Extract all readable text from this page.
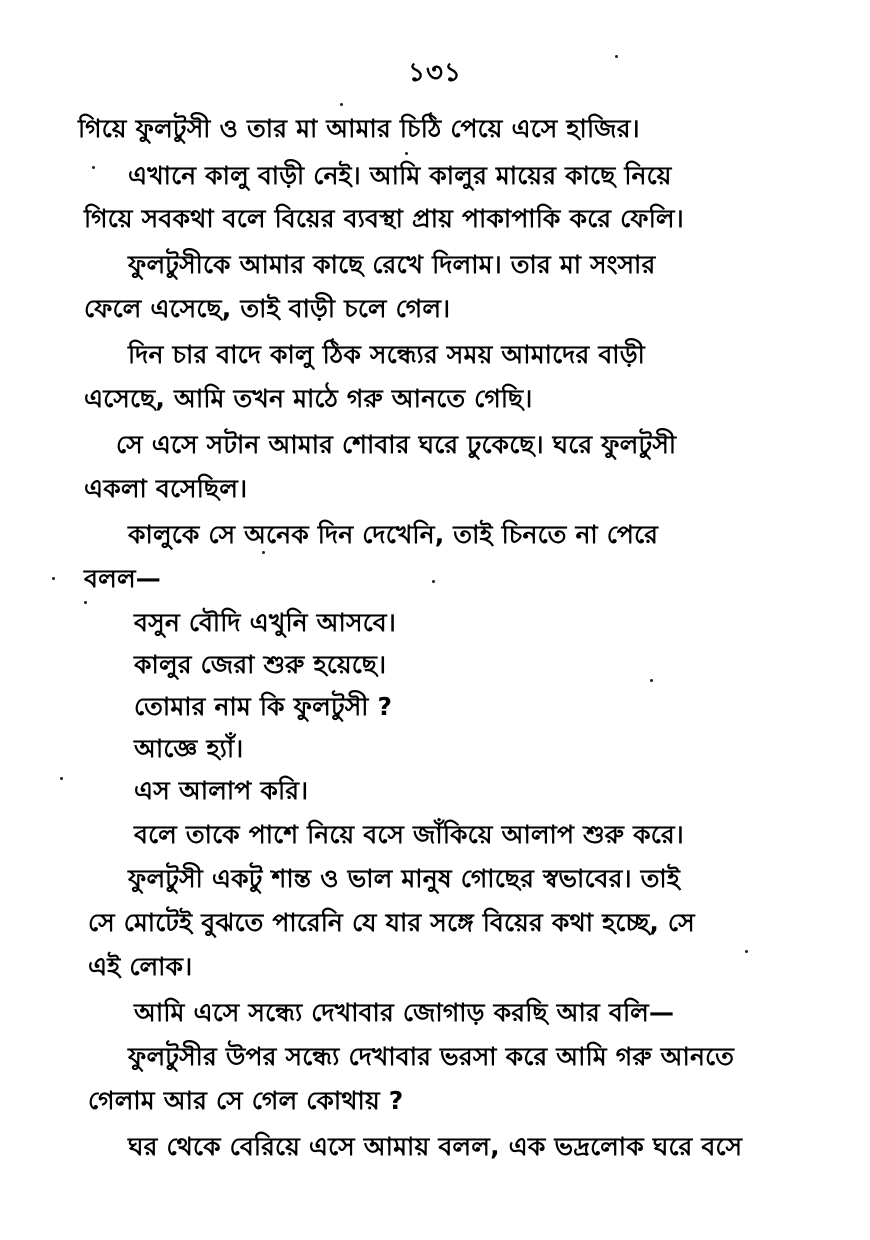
১৩১
গিয়ে ফুলটুসী ও তার মা আমার চিঠি পেয়ে এসে হাজির।
এখানে কালু বাড়ী নেই। আমি কালুর মায়ের কাছে নিয়ে
গিয়ে সবকথা বলে বিয়ের ব্যবস্থা প্রায় পাকাপাকি করে ফেলি।
ফুলটুসীকে আমার কাছে রেখে দিলাম। তার মা সংসার
ফেলে এসেছে, তাই বাড়ী চলে গেল।
দিন চার বাদে কালু ঠিক সন্ধ্যের সময় আমাদের বাড়ী
এসেছে, আমি তখন মাঠে গরু আনতে গেছি।
সে এসে সটান আমার শোবার ঘরে ঢুকেছে। ঘরে ফুলটুসী
একলা বসেছিল।
কালুকে সে অনেক দিন দেখেনি, তাই চিনতে না পেরে
বলল—
বসুন বৌদি এখুনি আসবে।
কালুর জেরা শুরু হয়েছে।
তোমার নাম কি ফুলটুসী ?
আজ্ঞে হ্যাঁ।
এস আলাপ করি।
বলে তাকে পাশে নিয়ে বসে জাঁকিয়ে আলাপ শুরু করে।
ফুলটুসী একটু শান্ত ও ভাল মানুষ গোছের স্বভাবের। তাই
সে মোটেই বুঝতে পারেনি যে যার সঙ্গে বিয়ের কথা হচ্ছে, সে
এই লোক।
আমি এসে সন্ধ্যে দেখাবার জোগাড় করছি আর বলি—
ফুলটুসীর উপর সন্ধ্যে দেখাবার ভরসা করে আমি গরু আনতে
গেলাম আর সে গেল কোথায় ?
ঘর থেকে বেরিয়ে এসে আমায় বলল, এক ভদ্রলোক ঘরে বসে
